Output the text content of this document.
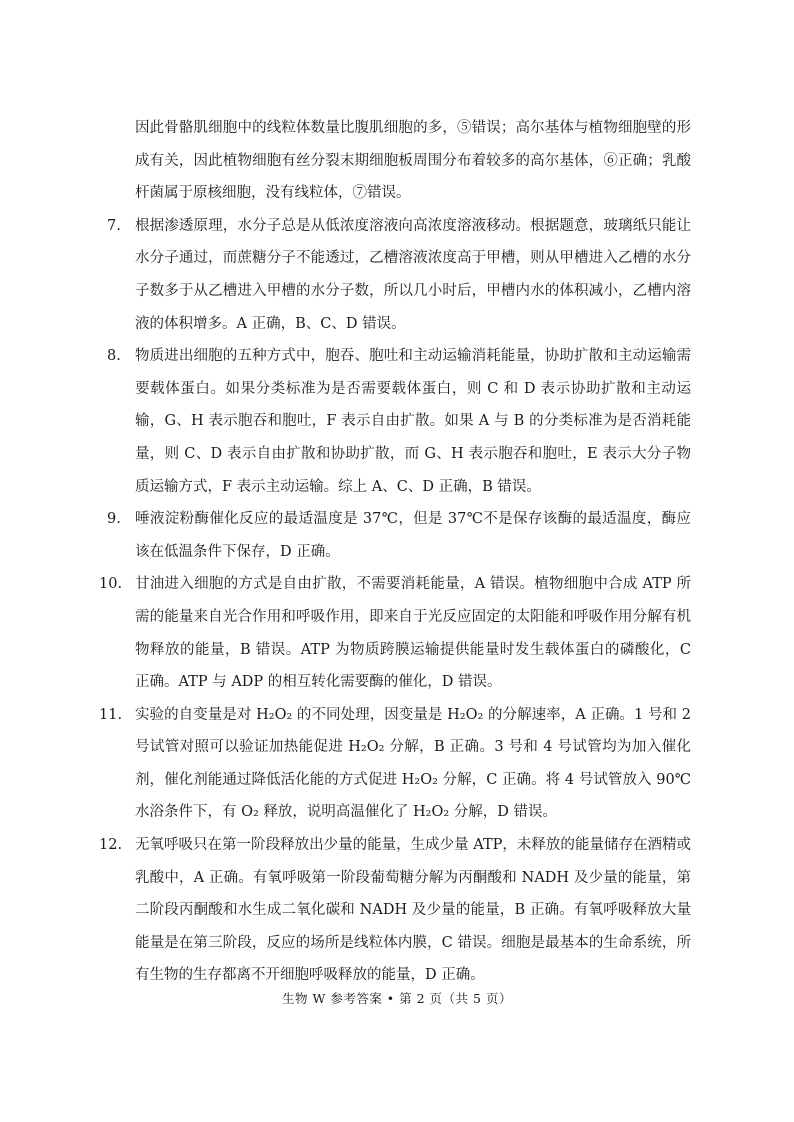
因此骨骼肌细胞中的线粒体数量比腹肌细胞的多，⑤错误；高尔基体与植物细胞壁的形成有关，因此植物细胞有丝分裂末期细胞板周围分布着较多的高尔基体，⑥正确；乳酸杆菌属于原核细胞，没有线粒体，⑦错误。
7. 根据渗透原理，水分子总是从低浓度溶液向高浓度溶液移动。根据题意，玻璃纸只能让水分子通过，而蔗糖分子不能透过，乙槽溶液浓度高于甲槽，则从甲槽进入乙槽的水分子数多于从乙槽进入甲槽的水分子数，所以几小时后，甲槽内水的体积减小，乙槽内溶液的体积增多。A 正确，B、C、D 错误。
8. 物质进出细胞的五种方式中，胞吞、胞吐和主动运输消耗能量，协助扩散和主动运输需要载体蛋白。如果分类标准为是否需要载体蛋白，则 C 和 D 表示协助扩散和主动运输，G、H 表示胞吞和胞吐，F 表示自由扩散。如果 A 与 B 的分类标准为是否消耗能量，则 C、D 表示自由扩散和协助扩散，而 G、H 表示胞吞和胞吐，E 表示大分子物质运输方式，F 表示主动运输。综上 A、C、D 正确，B 错误。
9. 唾液淀粉酶催化反应的最适温度是 37℃，但是 37℃不是保存该酶的最适温度，酶应该在低温条件下保存，D 正确。
10. 甘油进入细胞的方式是自由扩散，不需要消耗能量，A 错误。植物细胞中合成 ATP 所需的能量来自光合作用和呼吸作用，即来自于光反应固定的太阳能和呼吸作用分解有机物释放的能量，B 错误。ATP 为物质跨膜运输提供能量时发生载体蛋白的磷酸化，C 正确。ATP 与 ADP 的相互转化需要酶的催化，D 错误。
11. 实验的自变量是对 H₂O₂ 的不同处理，因变量是 H₂O₂ 的分解速率，A 正确。1 号和 2 号试管对照可以验证加热能促进 H₂O₂ 分解，B 正确。3 号和 4 号试管均为加入催化剂，催化剂能通过降低活化能的方式促进 H₂O₂ 分解，C 正确。将 4 号试管放入 90℃水浴条件下，有 O₂ 释放，说明高温催化了 H₂O₂ 分解，D 错误。
12. 无氧呼吸只在第一阶段释放出少量的能量，生成少量 ATP，未释放的能量储存在酒精或乳酸中，A 正确。有氧呼吸第一阶段葡萄糖分解为丙酮酸和 NADH 及少量的能量，第二阶段丙酮酸和水生成二氧化碳和 NADH 及少量的能量，B 正确。有氧呼吸释放大量能量是在第三阶段，反应的场所是线粒体内膜，C 错误。细胞是最基本的生命系统，所有生物的生存都离不开细胞呼吸释放的能量，D 正确。
生物 W 参考答案 • 第 2 页（共 5 页）
